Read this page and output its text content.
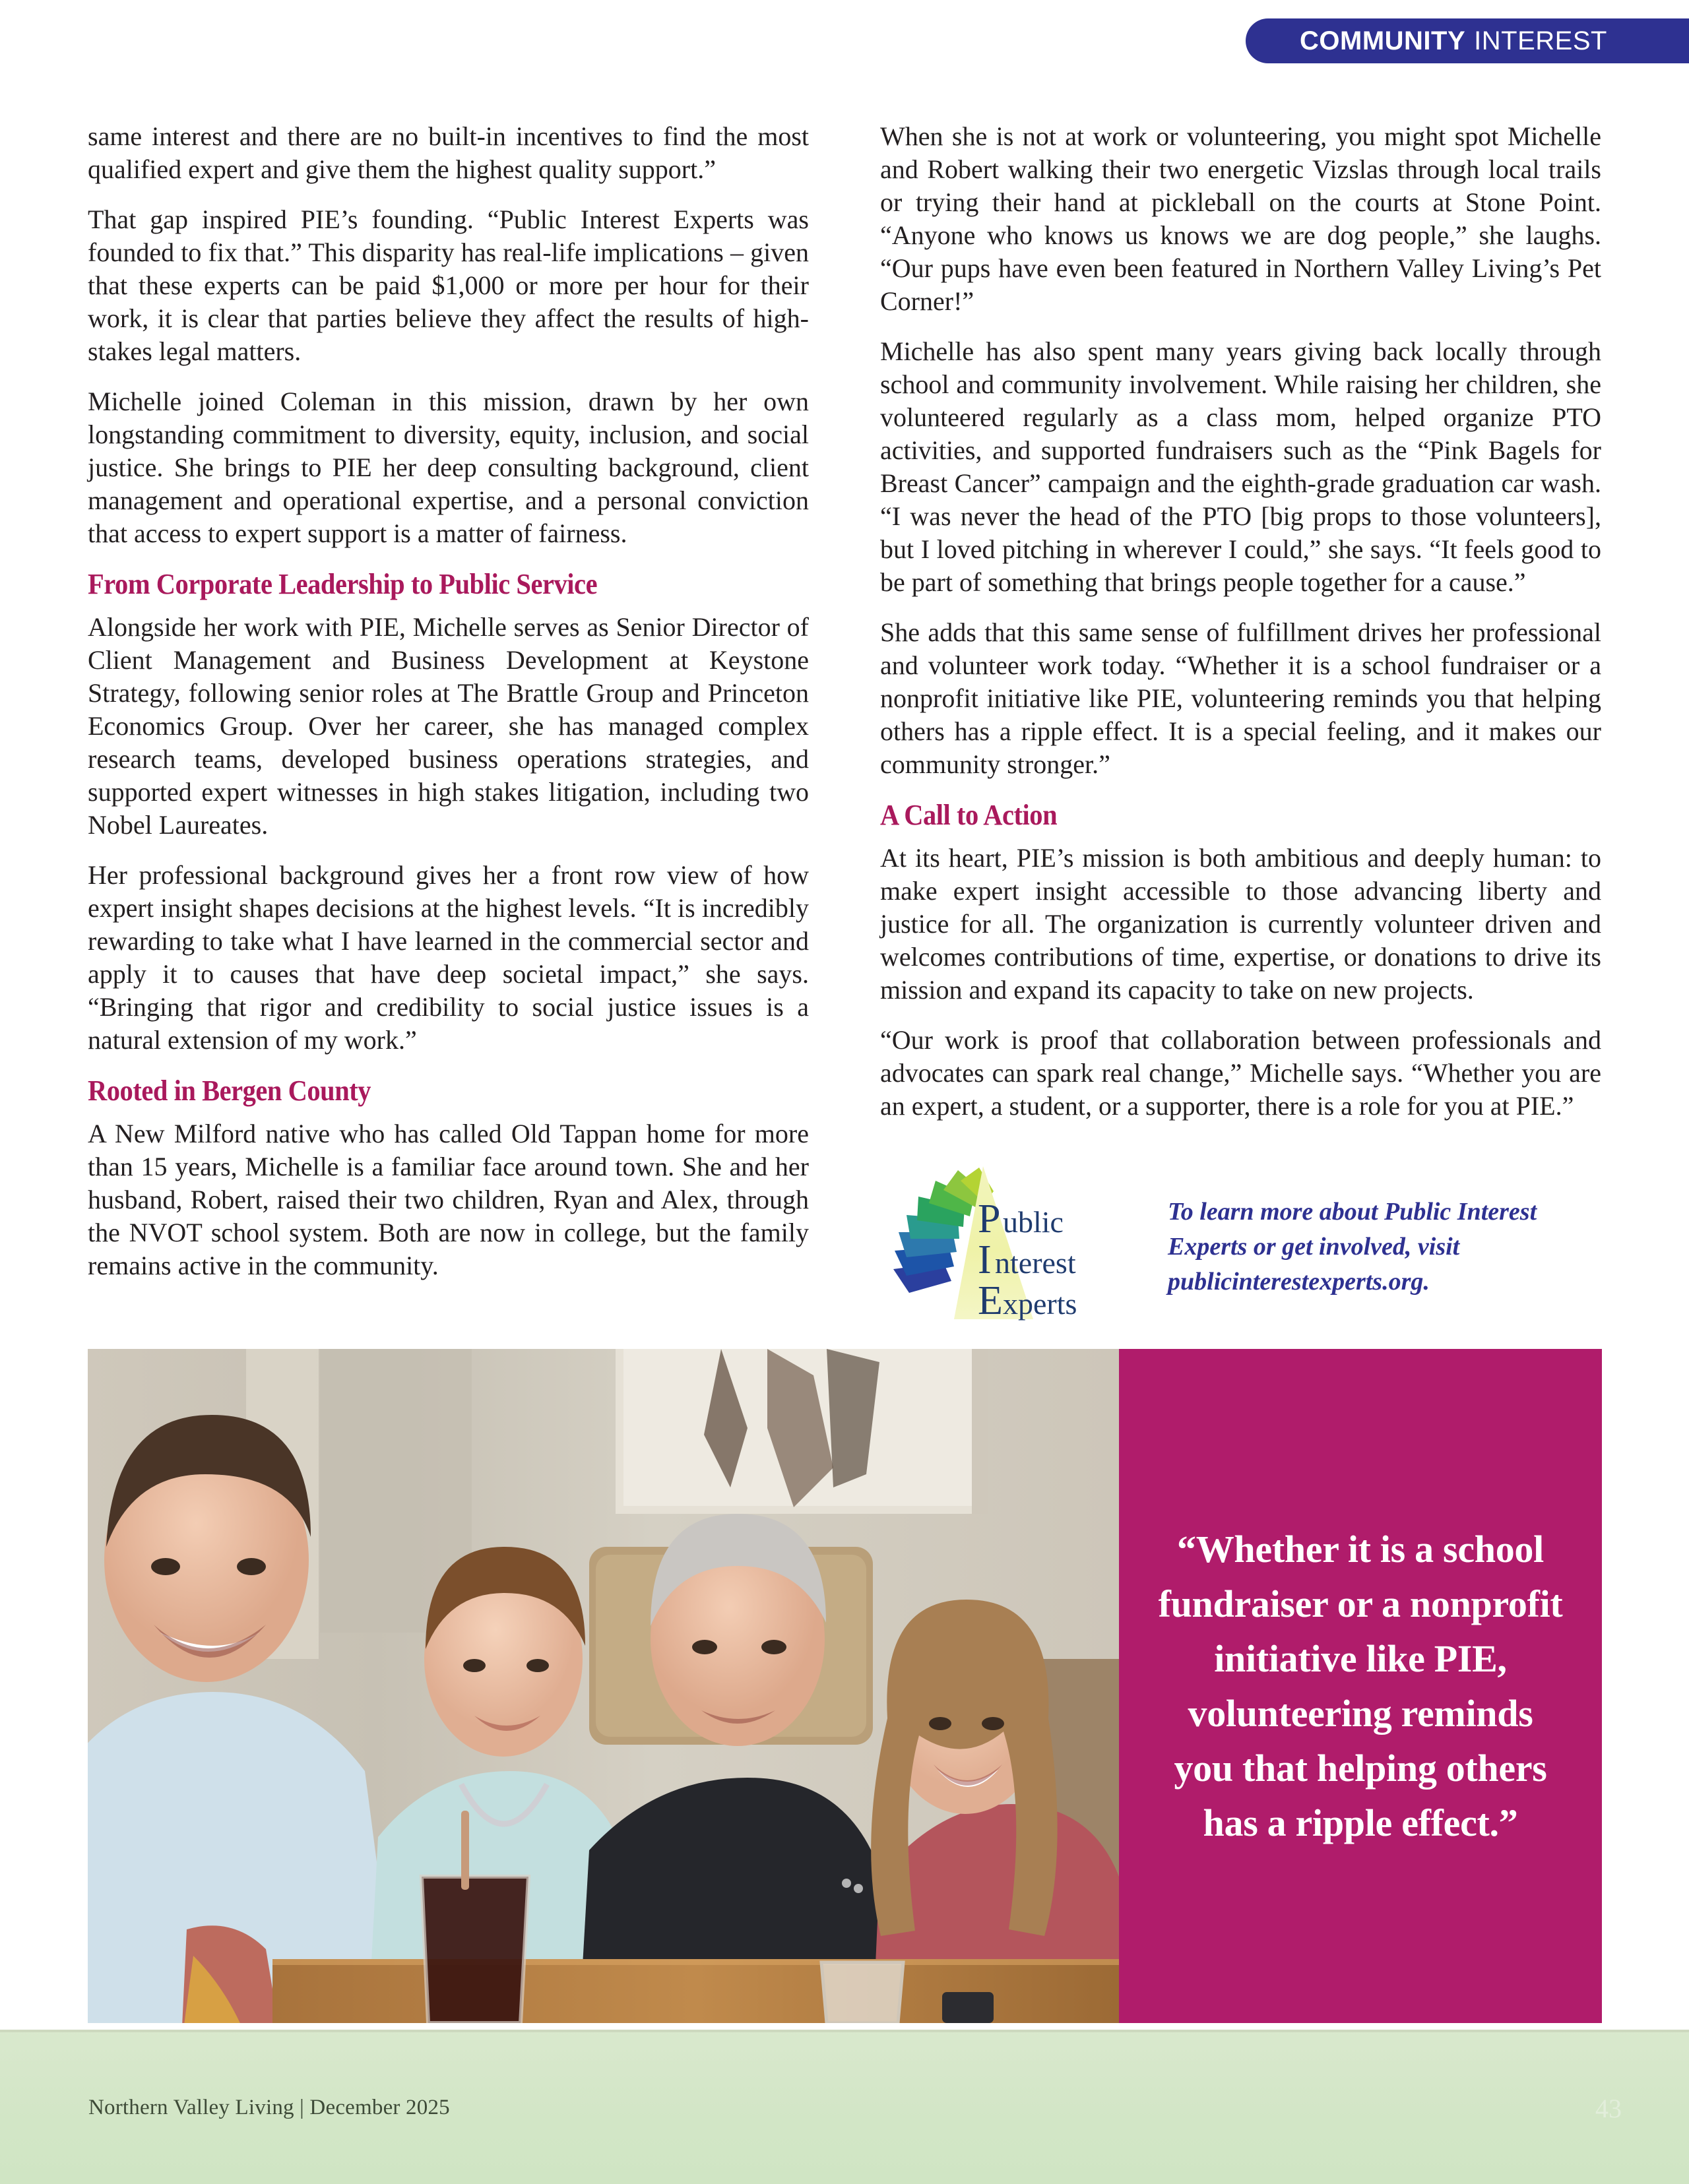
COMMUNITY INTEREST

same interest and there are no built-in incentives to find the most qualified expert and give them the highest quality support.”

That gap inspired PIE’s founding. “Public Interest Experts was founded to fix that.” This disparity has real-life implications – given that these experts can be paid $1,000 or more per hour for their work, it is clear that parties believe they affect the results of high-stakes legal matters.

Michelle joined Coleman in this mission, drawn by her own longstanding commitment to diversity, equity, inclusion, and social justice. She brings to PIE her deep consulting background, client management and operational expertise, and a personal conviction that access to expert support is a matter of fairness.

From Corporate Leadership to Public Service

Alongside her work with PIE, Michelle serves as Senior Director of Client Management and Business Development at Keystone Strategy, following senior roles at The Brattle Group and Princeton Economics Group. Over her career, she has managed complex research teams, developed business operations strategies, and supported expert witnesses in high stakes litigation, including two Nobel Laureates.

Her professional background gives her a front row view of how expert insight shapes decisions at the highest levels. “It is incredibly rewarding to take what I have learned in the commercial sector and apply it to causes that have deep societal impact,” she says. “Bringing that rigor and credibility to social justice issues is a natural extension of my work.”

Rooted in Bergen County

A New Milford native who has called Old Tappan home for more than 15 years, Michelle is a familiar face around town. She and her husband, Robert, raised their two children, Ryan and Alex, through the NVOT school system. Both are now in college, but the family remains active in the community.

When she is not at work or volunteering, you might spot Michelle and Robert walking their two energetic Vizslas through local trails or trying their hand at pickleball on the courts at Stone Point. “Anyone who knows us knows we are dog people,” she laughs. “Our pups have even been featured in Northern Valley Living’s Pet Corner!”

Michelle has also spent many years giving back locally through school and community involvement. While raising her children, she volunteered regularly as a class mom, helped organize PTO activities, and supported fundraisers such as the “Pink Bagels for Breast Cancer” campaign and the eighth-grade graduation car wash. “I was never the head of the PTO [big props to those volunteers], but I loved pitching in wherever I could,” she says. “It feels good to be part of something that brings people together for a cause.”

She adds that this same sense of fulfillment drives her professional and volunteer work today. “Whether it is a school fundraiser or a nonprofit initiative like PIE, volunteering reminds you that helping others has a ripple effect. It is a special feeling, and it makes our community stronger.”

A Call to Action

At its heart, PIE’s mission is both ambitious and deeply human: to make expert insight accessible to those advancing liberty and justice for all. The organization is currently volunteer driven and welcomes contributions of time, expertise, or donations to drive its mission and expand its capacity to take on new projects.

“Our work is proof that collaboration between professionals and advocates can spark real change,” Michelle says. “Whether you are an expert, a student, or a supporter, there is a role for you at PIE.”

P ublic
I nterest
E xperts
To learn more about Public Interest Experts or get involved, visit publicinterestexperts.org.
“Whether it is a school fundraiser or a nonprofit initiative like PIE, volunteering reminds you that helping others has a ripple effect.”
Northern Valley Living | December 2025	43
